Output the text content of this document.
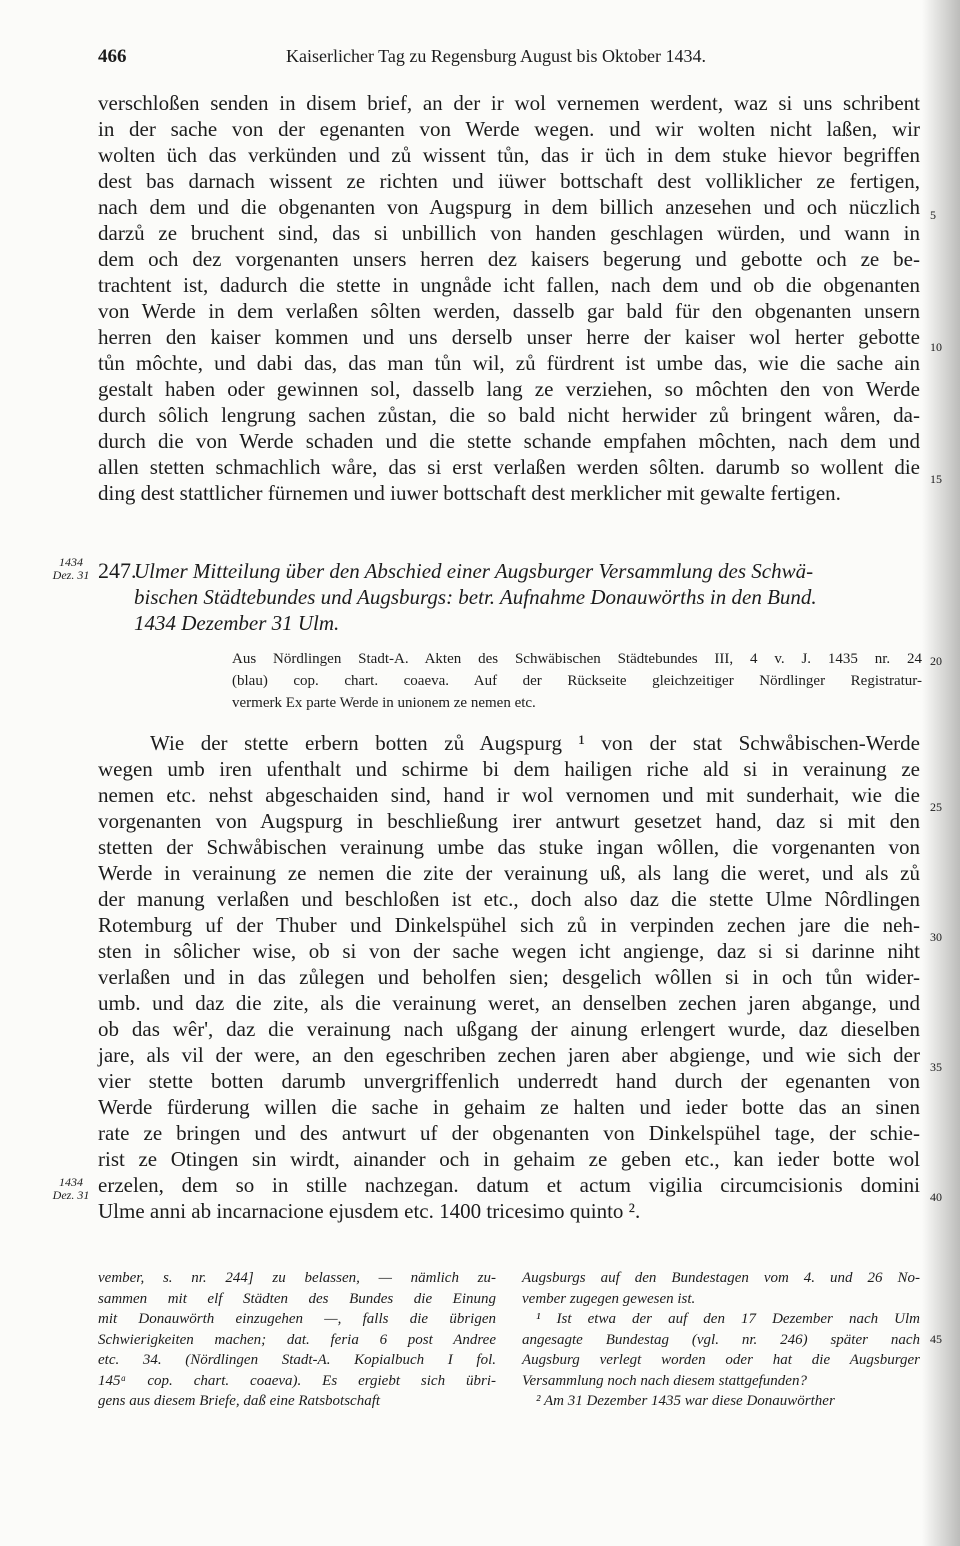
466	Kaiserlicher Tag zu Regensburg August bis Oktober 1434.
verschloßen senden in disem brief, an der ir wol vernemen werdent, waz si uns schribent
in der sache von der egenanten von Werde wegen. und wir wolten nicht laßen, wir
wolten üch das verkünden und zů wissent tůn, das ir üch in dem stuke hievor begriffen
dest bas darnach wissent ze richten und iüwer bottschaft dest volliklicher ze fertigen,
nach dem und die obgenanten von Augspurg in dem billich anzesehen und och nüczlich
darzů ze bruchent sind, das si unbillich von handen geschlagen würden, und wann in
dem och dez vorgenanten unsers herren dez kaisers begerung und gebotte och ze be-
trachtent ist, dadurch die stette in ungnåde icht fallen, nach dem und ob die obgenanten
von Werde in dem verlaßen sôlten werden, dasselb gar bald für den obgenanten unsern
herren den kaiser kommen und uns derselb unser herre der kaiser wol herter gebotte
tůn môchte, und dabi das, das man tůn wil, zů fürdrent ist umbe das, wie die sache ain
gestalt haben oder gewinnen sol, dasselb lang ze verziehen, so môchten den von Werde
durch sôlich lengrung sachen zůstan, die so bald nicht herwider zů bringent wåren, da-
durch die von Werde schaden und die stette schande empfahen môchten, nach dem und
allen stetten schmachlich wåre, das si erst verlaßen werden sôlten. darumb so wollent die
ding dest stattlicher fürnemen und iuwer bottschaft dest merklicher mit gewalte fertigen.
5
10
15
1434
Dez. 31 247.
Ulmer Mitteilung über den Abschied einer Augsburger Versammlung des Schwä-
bischen Städtebundes und Augsburgs: betr. Aufnahme Donauwörths in den Bund.
1434 Dezember 31 Ulm.
Aus Nördlingen Stadt-A. Akten des Schwäbischen Städtebundes III, 4 v. J. 1435 nr. 24
(blau) cop. chart. coaeva. Auf der Rückseite gleichzeitiger Nördlinger Registratur-
vermerk Ex parte Werde in unionem ze nemen etc.
20
Wie der stette erbern botten zů Augspurg ¹ von der stat Schwåbischen-Werde
wegen umb iren ufenthalt und schirme bi dem hailigen riche ald si in verainung ze
nemen etc. nehst abgeschaiden sind, hand ir wol vernomen und mit sunderhait, wie die
vorgenanten von Augspurg in beschließung irer antwurt gesetzet hand, daz si mit den
stetten der Schwåbischen verainung umbe das stuke ingan wôllen, die vorgenanten von
Werde in verainung ze nemen die zite der verainung uß, als lang die weret, und als zů
der manung verlaßen und beschloßen ist etc., doch also daz die stette Ulme Nôrdlingen
Rotemburg uf der Thuber und Dinkelspühel sich zů in verpinden zechen jare die neh-
sten in sôlicher wise, ob si von der sache wegen icht angienge, daz si si darinne niht
verlaßen und in das zůlegen und beholfen sien; desgelich wôllen si in och tůn wider-
umb. und daz die zite, als die verainung weret, an denselben zechen jaren abgange, und
ob das wêr', daz die verainung nach ußgang der ainung erlengert wurde, daz dieselben
jare, als vil der were, an den egeschriben zechen jaren aber abgienge, und wie sich der
vier stette botten darumb unvergriffenlich underredt hand durch der egenanten von
Werde fürderung willen die sache in gehaim ze halten und ieder botte das an sinen
rate ze bringen und des antwurt uf der obgenanten von Dinkelspühel tage, der schie-
rist ze Otingen sin wirdt, ainander och in gehaim ze geben etc., kan ieder botte wol
erzelen, dem so in stille nachzegan. datum et actum vigilia circumcisionis domini
Ulme anni ab incarnacione ejusdem etc. 1400 tricesimo quinto ².
25
30
35
40
1434
Dez. 31
vember, s. nr. 244] zu belassen, — nämlich zu-
sammen mit elf Städten des Bundes die Einung
mit Donauwörth einzugehen —, falls die übrigen
Schwierigkeiten machen; dat. feria 6 post Andree
etc. 34. (Nördlingen Stadt-A. Kopialbuch I fol.
145ᵃ cop. chart. coaeva). Es ergiebt sich übri-
gens aus diesem Briefe, daß eine Ratsbotschaft
Augsburgs auf den Bundestagen vom 4. und 26 No-
vember zugegen gewesen ist.
¹ Ist etwa der auf den 17 Dezember nach Ulm
angesagte Bundestag (vgl. nr. 246) später nach
Augsburg verlegt worden oder hat die Augsburger
Versammlung noch nach diesem stattgefunden?
² Am 31 Dezember 1435 war diese Donauwörther
45
